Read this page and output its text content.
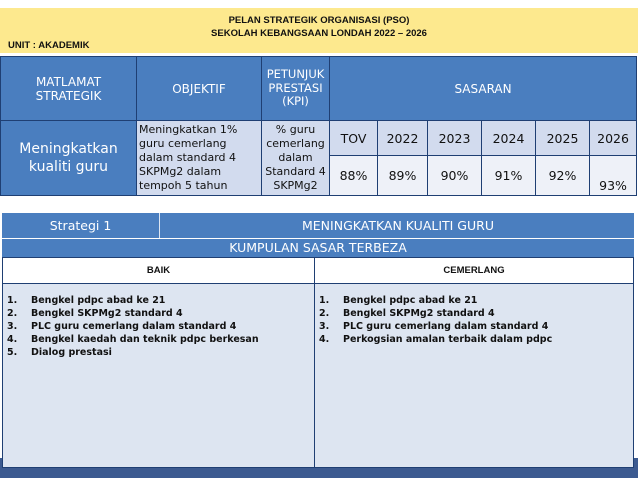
PELAN STRATEGIK ORGANISASI (PSO)
SEKOLAH KEBANGSAAN LONDAH 2022 – 2026
UNIT : AKADEMIK
MATLAMAT STRATEGIK	OBJEKTIF	PETUNJUK PRESTASI (KPI)	SASARAN					
Meningkatkan kualiti guru	Meningkatkan 1% guru cemerlang dalam standard 4 SKPMg2 dalam tempoh 5 tahun	% guru cemerlang dalam Standard 4 SKPMg2	TOV	2022	2023	2024	2025	2026
			88%	89%	90%	91%	92%	93%
Strategi 1	MENINGKATKAN KUALITI GURU
KUMPULAN SASAR TERBEZA
BAIK	CEMERLANG
1.	Bengkel pdpc abad ke 21
2.	Bengkel SKPMg2 standard 4
3.	PLC guru cemerlang dalam standard 4
4.	Bengkel kaedah dan teknik pdpc berkesan
5.	Dialog prestasi
1.	Bengkel pdpc abad ke 21
2.	Bengkel SKPMg2 standard 4
3.	PLC guru cemerlang dalam standard 4
4.	Perkogsian amalan terbaik dalam pdpc
